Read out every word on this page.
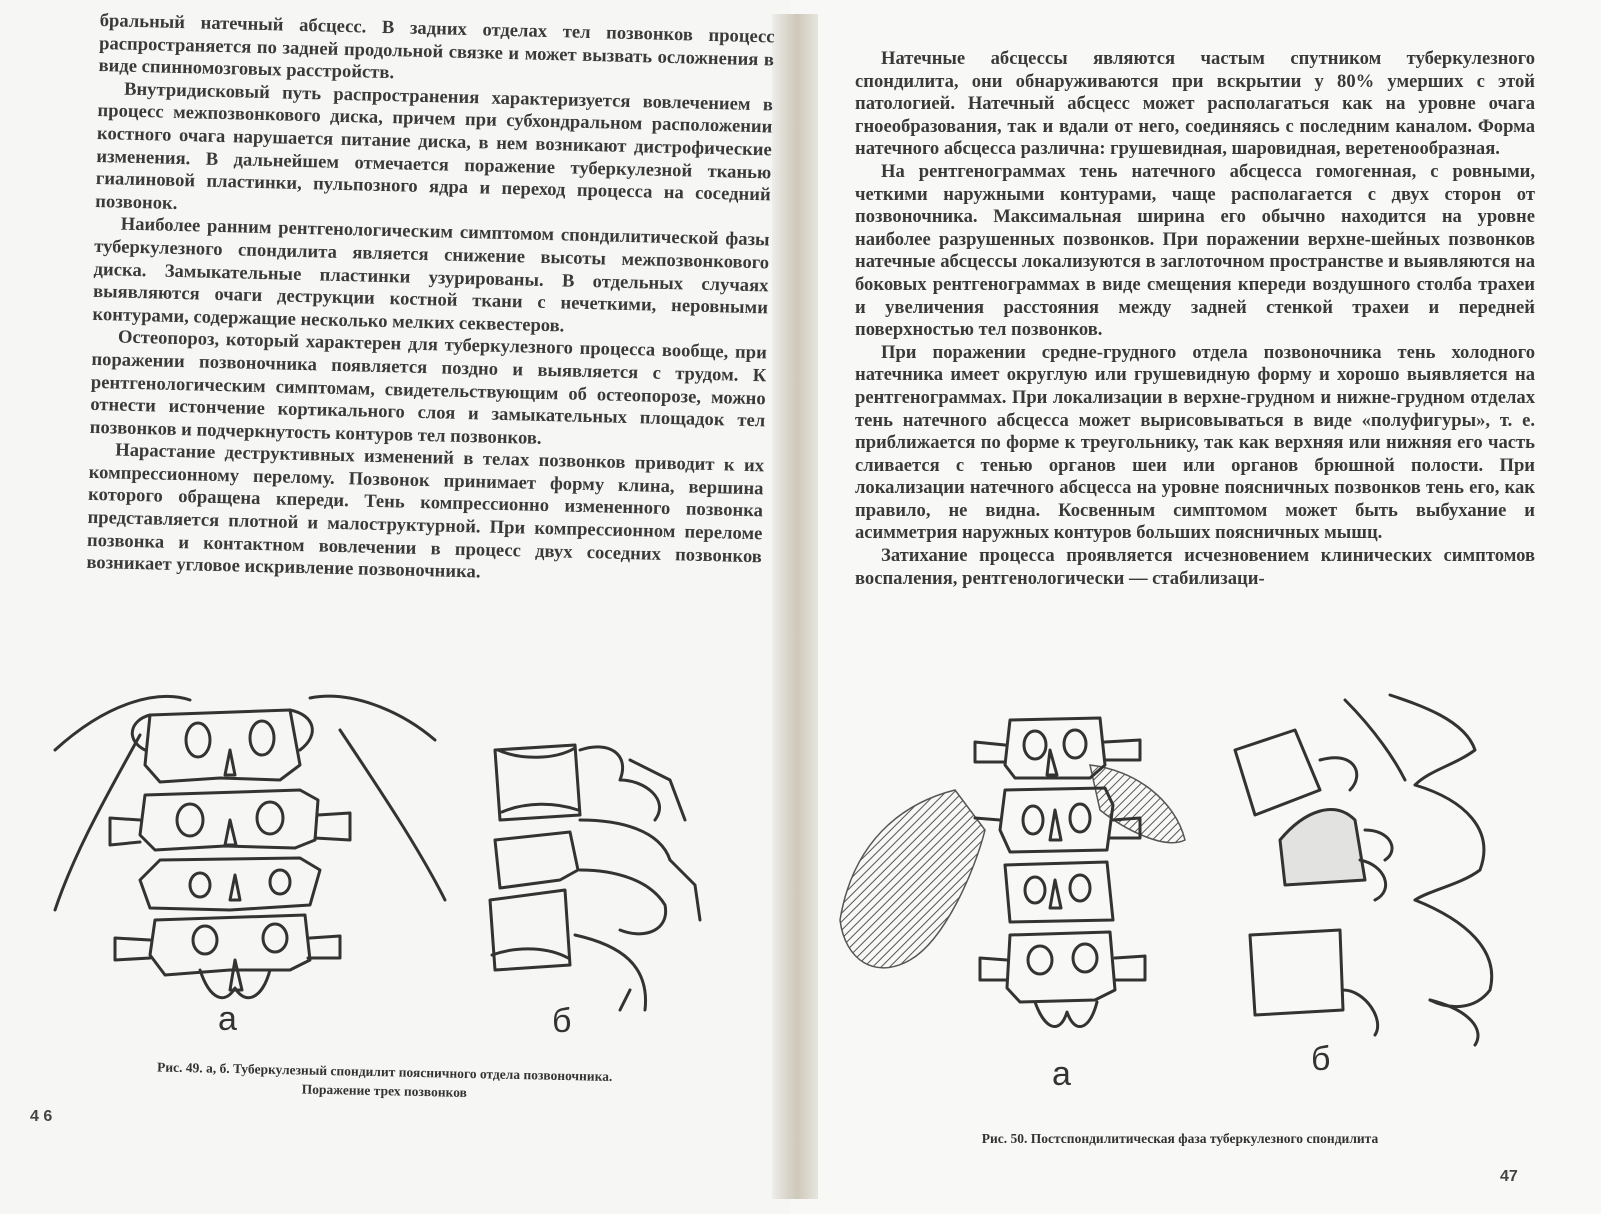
бральный натечный абсцесс. В задних отделах тел позвонков процесс распространяется по задней продольной связке и может вызвать осложнения в виде спинномозговых расстройств.

Внутридисковый путь распространения характеризуется вовлечением в процесс межпозвонкового диска, причем при субхондральном расположении костного очага нарушается питание диска, в нем возникают дистрофические изменения. В дальнейшем отмечается поражение туберкулезной тканью гиалиновой пластинки, пульпозного ядра и переход процесса на соседний позвонок.

Наиболее ранним рентгенологическим симптомом спондилитической фазы туберкулезного спондилита является снижение высоты межпозвонкового диска. Замыкательные пластинки узурированы. В отдельных случаях выявляются очаги деструкции костной ткани с нечеткими, неровными контурами, содержащие несколько мелких секвестеров.

Остеопороз, который характерен для туберкулезного процесса вообще, при поражении позвоночника появляется поздно и выявляется с трудом. К рентгенологическим симптомам, свидетельствующим об остеопорозе, можно отнести истончение кортикального слоя и замыкательных площадок тел позвонков и подчеркнутость контуров тел позвонков.

Нарастание деструктивных изменений в телах позвонков приводит к их компрессионному перелому. Позвонок принимает форму клина, вершина которого обращена кпереди. Тень компрессионно измененного позвонка представляется плотной и малоструктурной. При компрессионном переломе позвонка и контактном вовлечении в процесс двух соседних позвонков возникает угловое искривление позвоночника.

а	б
Рис. 49. а, б. Туберкулезный спондилит поясничного отдела позвоночника.
Поражение трех позвонков
4 6

Натечные абсцессы являются частым спутником туберкулезного спондилита, они обнаруживаются при вскрытии у 80% умерших с этой патологией. Натечный абсцесс может располагаться как на уровне очага гноеобразования, так и вдали от него, соединяясь с последним каналом. Форма натечного абсцесса различна: грушевидная, шаровидная, веретенообразная.

На рентгенограммах тень натечного абсцесса гомогенная, с ровными, четкими наружными контурами, чаще располагается с двух сторон от позвоночника. Максимальная ширина его обычно находится на уровне наиболее разрушенных позвонков. При поражении верхне-шейных позвонков натечные абсцессы локализуются в заглоточном пространстве и выявляются на боковых рентгенограммах в виде смещения кпереди воздушного столба трахеи и увеличения расстояния между задней стенкой трахеи и передней поверхностью тел позвонков.

При поражении средне-грудного отдела позвоночника тень холодного натечника имеет округлую или грушевидную форму и хорошо выявляется на рентгенограммах. При локализации в верхне-грудном и нижне-грудном отделах тень натечного абсцесса может вырисовываться в виде «полуфигуры», т. е. приближается по форме к треугольнику, так как верхняя или нижняя его часть сливается с тенью органов шеи или органов брюшной полости. При локализации натечного абсцесса на уровне поясничных позвонков тень его, как правило, не видна. Косвенным симптомом может быть выбухание и асимметрия наружных контуров больших поясничных мышц.

Затихание процесса проявляется исчезновением клинических симптомов воспаления, рентгенологически — стабилизаци-

а	б
Рис. 50. Постспондилитическая фаза туберкулезного спондилита
47
